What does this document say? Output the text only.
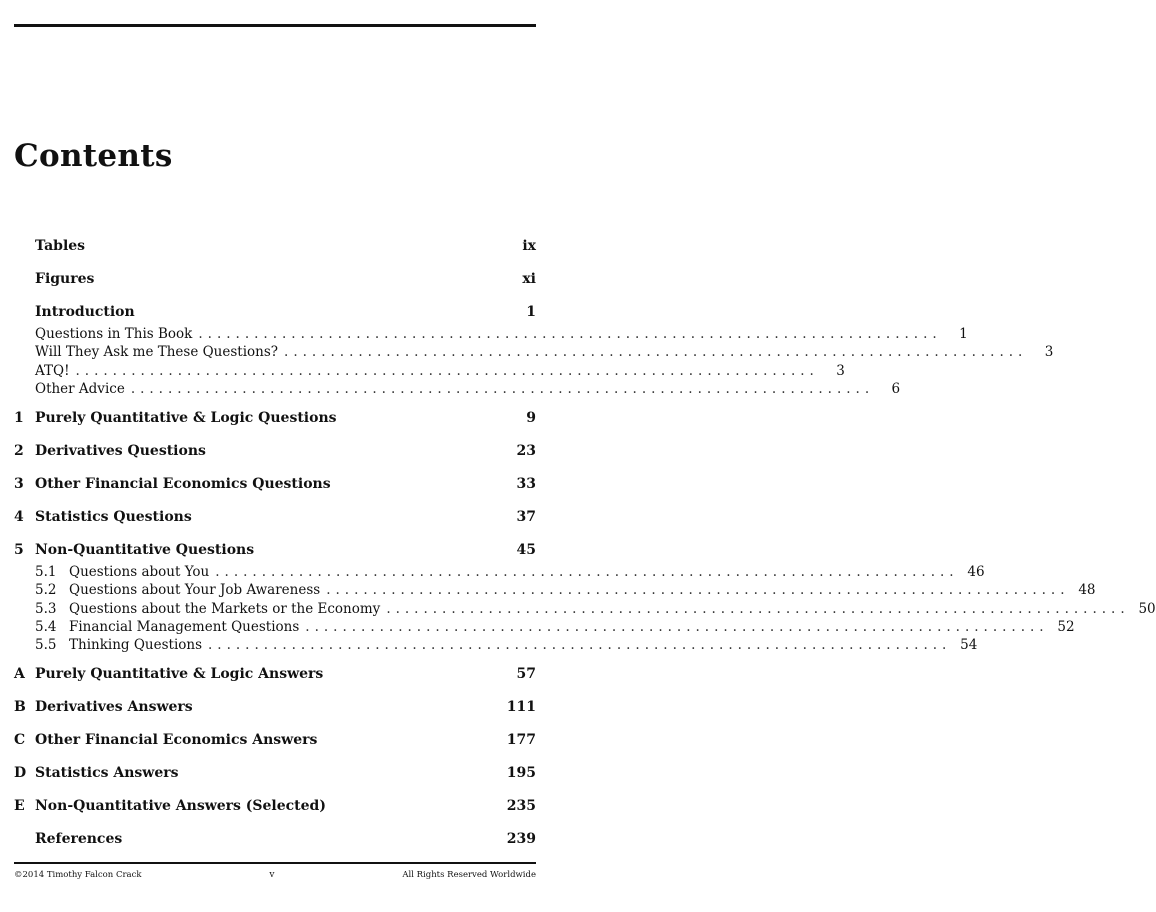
Contents
Tables	ix
Figures	xi
Introduction	1
Questions in This Book ................................................................................	1
Will They Ask me These Questions? ................................................................................	3
ATQ! ................................................................................	3
Other Advice ................................................................................	6
1 Purely Quantitative & Logic Questions	9
2 Derivatives Questions	23
3 Other Financial Economics Questions	33
4 Statistics Questions	37
5 Non-Quantitative Questions	45
5.1 Questions about You ................................................................................ 46
5.2 Questions about Your Job Awareness ................................................................................ 48
5.3 Questions about the Markets or the Economy ................................................................................ 50
5.4 Financial Management Questions ................................................................................ 52
5.5 Thinking Questions ................................................................................ 54
A Purely Quantitative & Logic Answers	57
B Derivatives Answers	111
C Other Financial Economics Answers	177
D Statistics Answers	195
E Non-Quantitative Answers (Selected)	235
References	239
©2014 Timothy Falcon Crack	v	All Rights Reserved Worldwide
